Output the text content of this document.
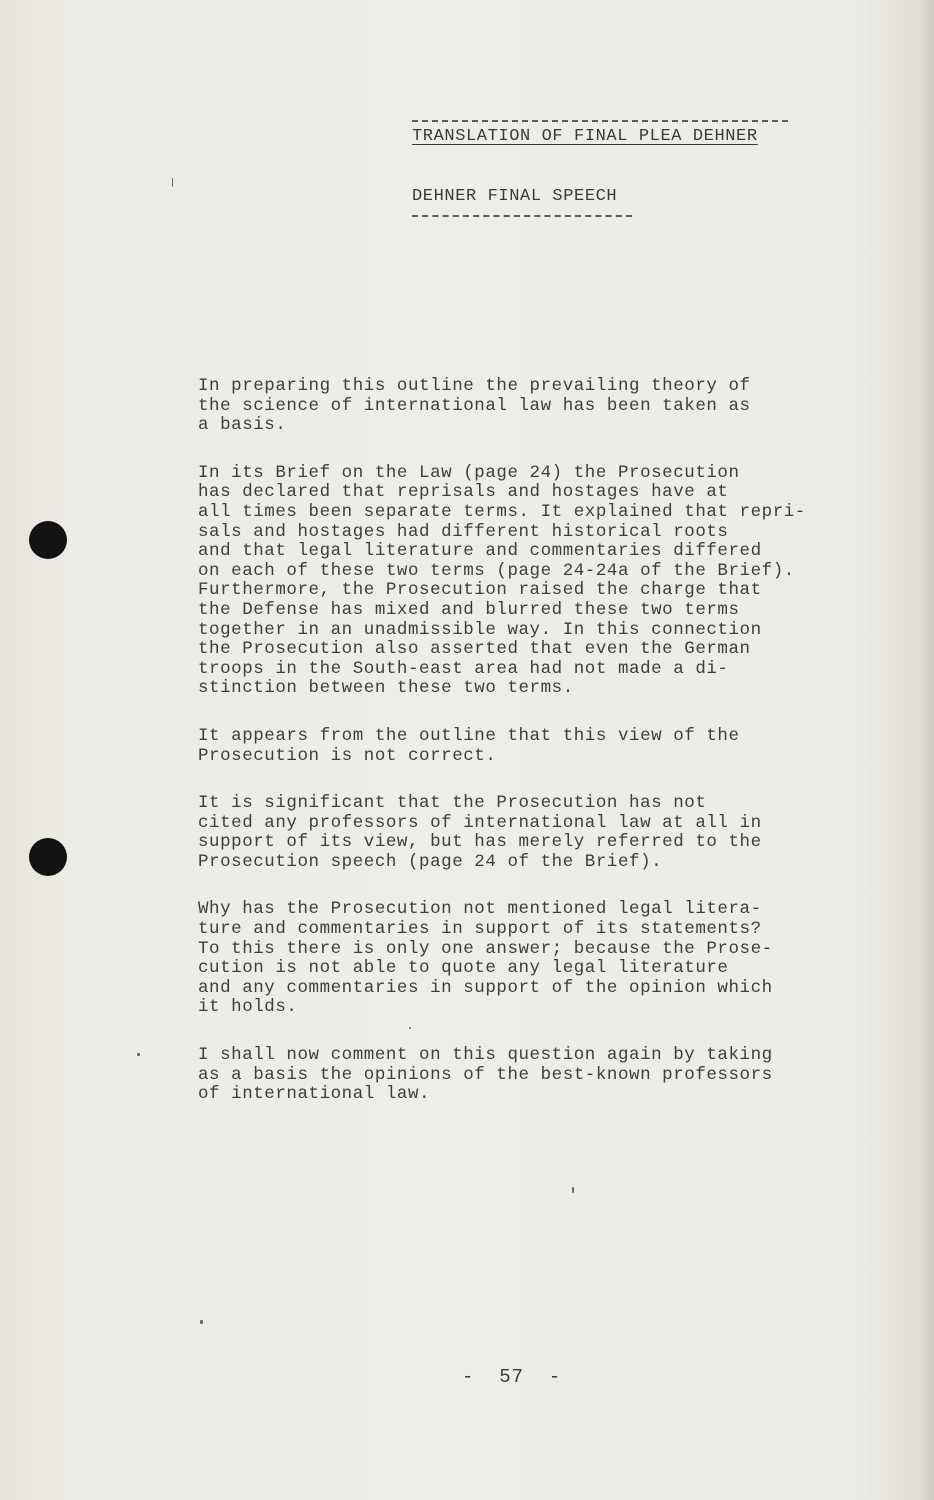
TRANSLATION OF FINAL PLEA DEHNER
DEHNER FINAL SPEECH

In preparing this outline the prevailing theory of
the science of international law has been taken as
a basis.

In its Brief on the Law (page 24) the Prosecution
has declared that reprisals and hostages have at
all times been separate terms. It explained that repri-
sals and hostages had different historical roots
and that legal literature and commentaries differed
on each of these two terms (page 24-24a of the Brief).
Furthermore, the Prosecution raised the charge that
the Defense has mixed and blurred these two terms
together in an unadmissible way. In this connection
the Prosecution also asserted that even the German
troops in the South-east area had not made a di-
stinction between these two terms.

It appears from the outline that this view of the
Prosecution is not correct.

It is significant that the Prosecution has not
cited any professors of international law at all in
support of its view, but has merely referred to the
Prosecution speech (page 24 of the Brief).

Why has the Prosecution not mentioned legal litera-
ture and commentaries in support of its statements?
To this there is only one answer; because the Prose-
cution is not able to quote any legal literature
and any commentaries in support of the opinion which
it holds.

I shall now comment on this question again by taking
as a basis the opinions of the best-known professors
of international law.

-  57  -
